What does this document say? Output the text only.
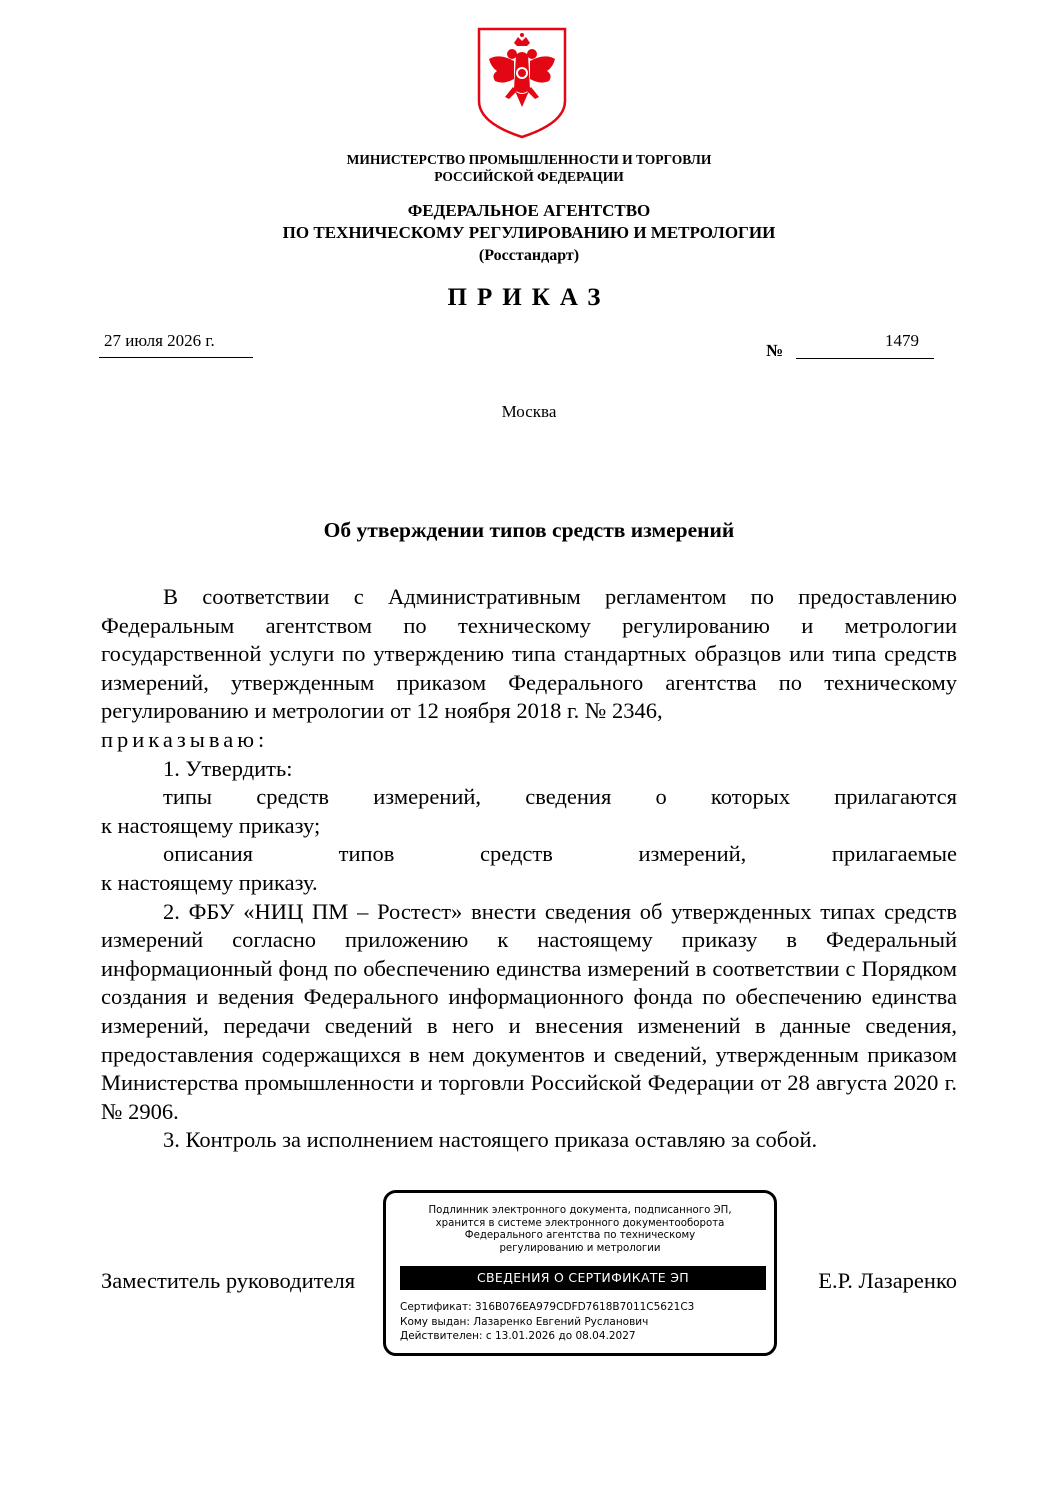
МИНИСТЕРСТВО ПРОМЫШЛЕННОСТИ И ТОРГОВЛИ
РОССИЙСКОЙ ФЕДЕРАЦИИ
ФЕДЕРАЛЬНОЕ АГЕНТСТВО
ПО ТЕХНИЧЕСКОМУ РЕГУЛИРОВАНИЮ И МЕТРОЛОГИИ
(Росстандарт)
ПРИКАЗ
27 июля 2026 г.
№
1479
Москва
Об утверждении типов средств измерений

В соответствии с Административным регламентом по предоставлению Федеральным агентством по техническому регулированию и метрологии государственной услуги по утверждению типа стандартных образцов или типа средств измерений, утвержденным приказом Федерального агентства по техническому регулированию и метрологии от 12 ноября 2018 г. № 2346,

приказываю:

1. Утвердить:

типы средств измерений, сведения о которых прилагаются

к настоящему приказу;

описания типов средств измерений, прилагаемые

к настоящему приказу.

2. ФБУ «НИЦ ПМ – Ростест» внести сведения об утвержденных типах средств измерений согласно приложению к настоящему приказу в Федеральный информационный фонд по обеспечению единства измерений в соответствии с Порядком создания и ведения Федерального информационного фонда по обеспечению единства измерений, передачи сведений в него и внесения изменений в данные сведения, предоставления содержащихся в нем документов и сведений, утвержденным приказом Министерства промышленности и торговли Российской Федерации от 28 августа 2020 г. № 2906.

3. Контроль за исполнением настоящего приказа оставляю за собой.

Заместитель руководителя	Е.Р. Лазаренко
Подлинник электронного документа, подписанного ЭП,
хранится в системе электронного документооборота
Федерального агентства по техническому
регулированию и метрологии
СВЕДЕНИЯ О СЕРТИФИКАТЕ ЭП
Сертификат: 316B076EA979CDFD7618B7011C5621C3
Кому выдан: Лазаренко Евгений Русланович
Действителен: с 13.01.2026 до 08.04.2027
